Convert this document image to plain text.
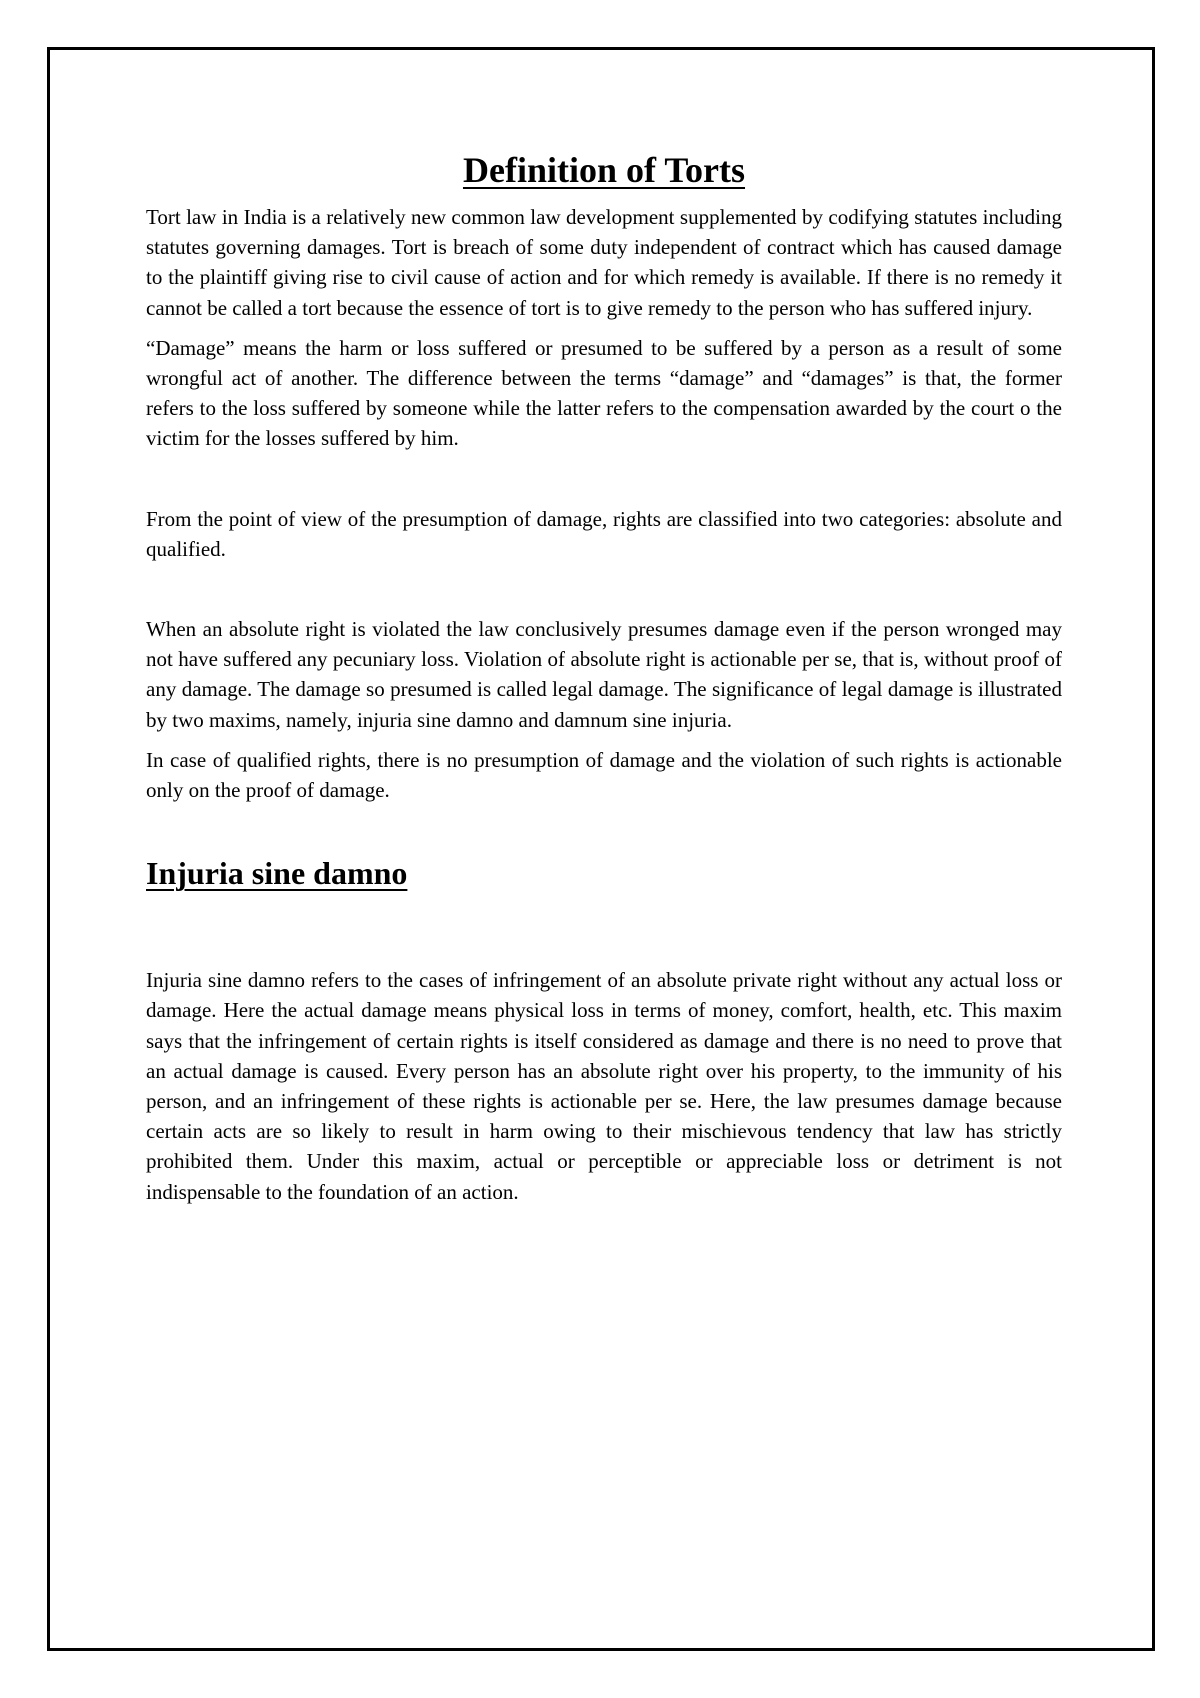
Definition of Torts

Tort law in India is a relatively new common law development supplemented by codifying statutes including statutes governing damages. Tort is breach of some duty independent of contract which has caused damage to the plaintiff giving rise to civil cause of action and for which remedy is available. If there is no remedy it cannot be called a tort because the essence of tort is to give remedy to the person who has suffered injury.

“Damage” means the harm or loss suffered or presumed to be suffered by a person as a result of some wrongful act of another. The difference between the terms “damage” and “damages” is that, the former refers to the loss suffered by someone while the latter refers to the compensation awarded by the court o the victim for the losses suffered by him.

From the point of view of the presumption of damage, rights are classified into two categories: absolute and qualified.

When an absolute right is violated the law conclusively presumes damage even if the person wronged may not have suffered any pecuniary loss. Violation of absolute right is actionable per se, that is, without proof of any damage. The damage so presumed is called legal damage. The significance of legal damage is illustrated by two maxims, namely, injuria sine damno and damnum sine injuria.

In case of qualified rights, there is no presumption of damage and the violation of such rights is actionable only on the proof of damage.

Injuria sine damno

Injuria sine damno refers to the cases of infringement of an absolute private right without any actual loss or damage. Here the actual damage means physical loss in terms of money, comfort, health, etc. This maxim says that the infringement of certain rights is itself considered as damage and there is no need to prove that an actual damage is caused. Every person has an absolute right over his property, to the immunity of his person, and an infringement of these rights is actionable per se. Here, the law presumes damage because certain acts are so likely to result in harm owing to their mischievous tendency that law has strictly prohibited them. Under this maxim, actual or perceptible or appreciable loss or detriment is not indispensable to the foundation of an action.
